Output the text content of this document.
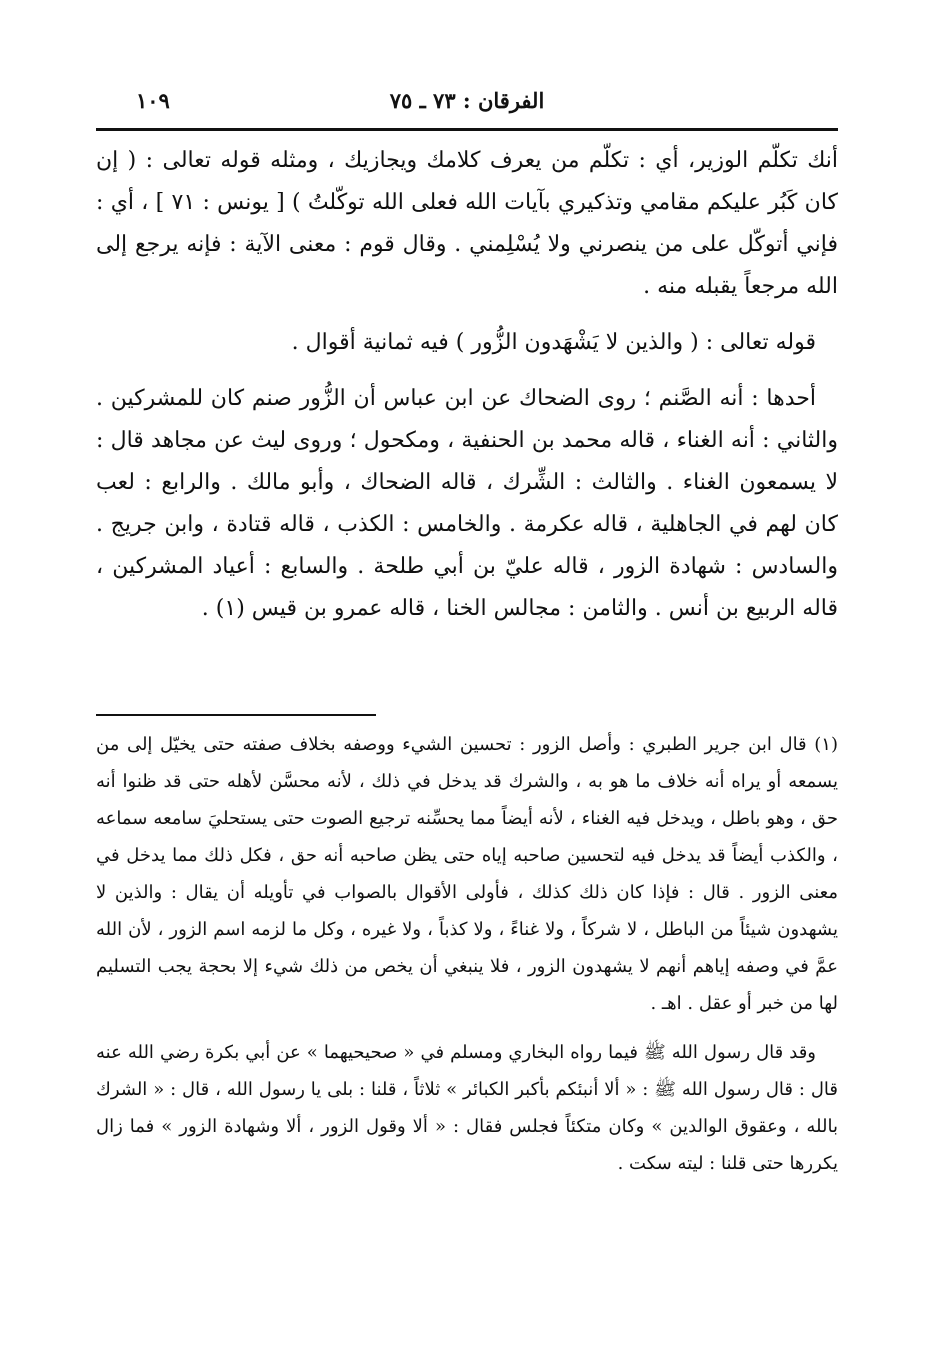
الفرقان : ٧٣ ـ ٧٥
١٠٩

أنك تكلّم الوزير، أي : تكلّم من يعرف كلامك ويجازيك ، ومثله قوله تعالى : ( إن كان كَبُر عليكم مقامي وتذكيري بآيات الله فعلى الله توكّلتُ ) [ يونس : ٧١ ] ، أي : فإني أتوكّل على من ينصرني ولا يُسْلِمني . وقال قوم : معنى الآية : فإنه يرجع إلى الله مرجعاً يقبله منه .

قوله تعالى : ( والذين لا يَشْهَدون الزُّور ) فيه ثمانية أقوال .

أحدها : أنه الصَّنم ؛ روى الضحاك عن ابن عباس أن الزُّور صنم كان للمشركين . والثاني : أنه الغناء ، قاله محمد بن الحنفية ، ومكحول ؛ وروى ليث عن مجاهد قال : لا يسمعون الغناء . والثالث : الشِّرك ، قاله الضحاك ، وأبو مالك . والرابع : لعب كان لهم في الجاهلية ، قاله عكرمة . والخامس : الكذب ، قاله قتادة ، وابن جريج . والسادس : شهادة الزور ، قاله عليّ بن أبي طلحة . والسابع : أعياد المشركين ، قاله الربيع بن أنس . والثامن : مجالس الخنا ، قاله عمرو بن قيس (١) .

(١) قال ابن جرير الطبري : وأصل الزور : تحسين الشيء ووصفه بخلاف صفته حتى يخيّل إلى من يسمعه أو يراه أنه خلاف ما هو به ، والشرك قد يدخل في ذلك ، لأنه محسَّن لأهله حتى قد ظنوا أنه حق ، وهو باطل ، ويدخل فيه الغناء ، لأنه أيضاً مما يحسِّنه ترجيع الصوت حتى يستحليَ سامعه سماعه ، والكذب أيضاً قد يدخل فيه لتحسين صاحبه إياه حتى يظن صاحبه أنه حق ، فكل ذلك مما يدخل في معنى الزور . قال : فإذا كان ذلك كذلك ، فأولى الأقوال بالصواب في تأويله أن يقال : والذين لا يشهدون شيئاً من الباطل ، لا شركاً ، ولا غناءً ، ولا كذباً ، ولا غيره ، وكل ما لزمه اسم الزور ، لأن الله عمَّ في وصفه إياهم أنهم لا يشهدون الزور ، فلا ينبغي أن يخص من ذلك شيء إلا بحجة يجب التسليم لها من خبر أو عقل . اهـ .

وقد قال رسول الله ﷺ فيما رواه البخاري ومسلم في « صحيحيهما » عن أبي بكرة رضي الله عنه قال : قال رسول الله ﷺ : « ألا أنبئكم بأكبر الكبائر » ثلاثاً ، قلنا : بلى يا رسول الله ، قال : « الشرك بالله ، وعقوق الوالدين » وكان متكئاً فجلس فقال : « ألا وقول الزور ، ألا وشهادة الزور » فما زال يكررها حتى قلنا : ليته سكت .
